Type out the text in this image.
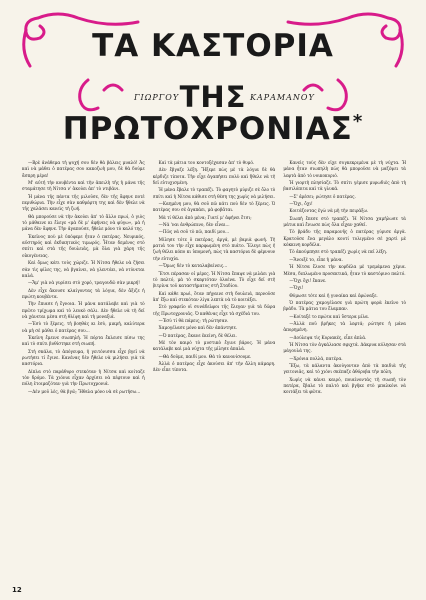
ΤΑ ΚΑΣΤΟΡΙΑ
ΓΙΩΡΓΟΥ ΤΗΣ ΚΑΡΑΜΑΝΟΥ
ΠΡΩΤΟΧΡΟΝΙΑΣ*

—Βρὲ ἀνάθεμα τὴ ψυχή σου δὲν θὰ βάλεις μυαλό! Ἀς καὶ νὰ μάθει ὁ πατέρας σου κακοζωὴ μου, δὲ θὰ δούμε ἄσπρη μέρα!

Μ' αὐτή τὴν κουβέντα καὶ τὴν ἀπειλὴ τῆς ἡ μάνα τῆς σταμάτησε τὴ Νίτσα ν' ἀκούει ἀπ' τὸ ντιβάνι.

Ἡ μάνα τῆς πάντα τῆς μιλοῦσε, δὲν τῆς ἄφηνε ποτὲ περιθώρια. Τὴν εἶχε σὰν καθρέφτη της καὶ δὲν ἤθελε νὰ τῆς χαλάσει κανεὶς τὴ ζωή.

Θὰ μπορούσε νὰ τὴν ἀκούει ἀπ' τὸ ἄλλο πρωί, ὁ γιὸς τὸ μάθαινε κι ἔλεγε «μὰ δὲ μ' ἀφήνεις νὰ φύγω», μὰ ἡ μάνα δὲν ἄφηνε. Τὴν ἀγαπούσε, ἤθελε μόνο τὸ καλό της.

Ἐκεῖνος ποὺ μὲ ὑπόφερε ἦταν ὁ πατέρας. Νευρικός, αὐστηρός καὶ ἐκδικητικὸς τιμωρός. Ἦταν δεμένος στὸ σπίτι καὶ στὰ τῆς δουλειᾶς, μὰ ὅλα γιὰ χάρη τῆς οἰκογένειας.

Καὶ ὅμως κάτι τοὺς χώριζε. Ἡ Νίτσα ἤθελε νὰ ζήσει σὰν τὶς φίλες της, νὰ βγαίνει, νὰ γλεντάει, νὰ ντύνεται καλά.

—Ἄμ' γιὰ νὰ γυρίσει στὸ χορό, τραγουδῶ σὰν μικρή!

Δὲν εἶχε ἄκουσε κλαίγοντας τὰ λόγια, δὲν ἄξιζε ἡ πρώτη κουβέντα.

Τὴν ἔπιασε ἡ ἔγνοια. Ἡ μάνα κατάλαβε καὶ γιὰ τὸ πρῶτο τρίχωμα καὶ τὸ λευκὸ σάλι. Δὲν ἤθελε νὰ τὴ δεῖ νὰ χάνεται μέσα στὴ θλίψη καὶ τὴ μοναξιά.

—Ἐσὺ τὸ ξέρεις, τὴ βοηθάς κι ἐσὺ, μικρή, καλύτερα νὰ μὴ σὲ μάθει ὁ πατέρας σου...

Ἐκεῖνη ἔμεινε σιωπηλὴ. Ἡ πόρτα ἔκλεισε πίσω της καὶ τὸ σπίτι βυθίστηκε στὴ σιωπή.

Στὴ σκάλα, τὸ ἀπόγευμα, ἡ γειτόνισσα εἶχε βγεῖ νὰ ρωτήσει τί ἔγινε. Κανένας δὲν ἤθελε νὰ μιλήσει γιὰ τὰ καστόρια.

Δίπλα στὸ παράθυρο στεκόταν ἡ Νίτσα καὶ κοίταζε τὸν δρόμο. Τὰ χιόνια εἶχαν ἀρχίσει νὰ πέφτουν καὶ ἡ πόλη ἑτοιμαζόταν γιὰ τὴν Πρωτοχρονιά.

—Δὲν μοῦ λὲς, θὰ βγῶ; Ἤθελα μόνο νὰ σὲ ρωτήσω...

Καὶ τὰ μάτια του κοντοξέχασαν ἀπ' τὸ θυμό.

Δὲν ἔβγαζε λέξη. Ἤξερε πὼς μὲ τὰ λόγια δὲ θὰ κέρδιζε τίποτα. Τὴν εἶχε ἀγαπήσει πολὺ καὶ ἤθελε νὰ τὴ δεῖ εὐτυχισμένη.

Ἡ μάνα ἔβαλε τὸ τραπέζι. Τὸ φαγητὸ μύριζε σὲ ὅλο τὸ σπίτι καὶ ἡ Νίτσα κάθισε στὴ θέση της χωρὶς νὰ μιλήσει.

—Καημένη μου, θὰ σοῦ πῶ κάτι ποὺ δὲν τὸ ξέρεις. Ὁ πατέρας σου σὲ ἀγαπάει, μὰ φοβᾶται.

Μὰ τί θέλει ἀπὸ μένα; Γιατί μ' ἀφήνει ἔτσι;

—Νά 'ναι ἀνθρώπινο, δὲν εἶναι...

—Πῶς νὰ σοῦ τὸ πῶ, παιδί μου...

Μίλησε τότε ὁ πατέρας, ἀργά, μὲ βαριὰ φωνή. Τὴ ματιά του τὴν εἶχε καρφωμένη στὸ πιάτο. Ἔλεγε πὼς ἡ ζωὴ θέλει κόπο κι ὑπομονή, πὼς τὰ καστόρια δὲ φέρνουν τὴν εὐτυχία.

—Ὅμως δὲν τὸ καταλαβαίνεις...

Ἔτσι πέρασαν οἱ μέρες. Ἡ Νίτσα ἔπαψε νὰ μιλάει γιὰ τὸ παλτό, μὰ τὸ σκεφτόταν ὁλοένα. Τὸ εἶχε δεῖ στὴ βιτρίνα τοῦ καταστήματος στὴ Σταδίου.

Καὶ κάθε πρωὶ, ὅταν πήγαινε στὴ δουλειά, περνοῦσε ἀπ' ἔξω καὶ στεκόταν λίγα λεπτὰ νὰ τὸ κοιτάξει.

Στὸ γραφεῖο οἱ συνάδελφοι τῆς ἔλεγαν γιὰ τὰ δῶρα τῆς Πρωτοχρονιᾶς. Ὁ καθένας εἶχε τὰ σχέδιά του.

—Ἐσὺ τί θὰ πάρεις; τὴ ρώτησαν.

Χαμογέλασε μόνο καὶ δὲν ἀπάντησε.

—Ὁ πατέρας, ἔκανε ἐκείνη, δὲ θέλει.

Μὲ τὸν καιρὸ τὸ μυστικὸ ἔγινε βάρος. Ἡ μάνα κατάλαβε καὶ μιὰ νύχτα τῆς μίλησε ἁπαλά.

—Θὰ δοῦμε, παιδί μου. Θὰ τὸ κανονίσουμε.

Ἀλλὰ ὁ πατέρας εἶχε ἀκούσει ἀπ' τὴν ἄλλη κάμαρη. Δὲν εἶπε τίποτα.

Κανεὶς τοὺς δὲν εἶχε συγκεκριμένα μὲ τὴ νύχτα. Ἡ μάνα ἦταν σιωπηλὴ πὼς θὰ μποροῦσε νὰ μαζέψει τὰ λεφτὰ ἀπὸ τὸ νοικοκυριό.

Ἡ γιορτὴ πλησίαζε. Τὸ σπίτι γέμισε μυρωδιὲς ἀπὸ τὴ βασιλόπιτα καὶ τὰ γλυκά.

—Σ' ἀρέσει; ρώτησε ὁ πατέρας.

—Ὄχι, ὄχι!

Κοιτάζοντας ἐγὼ νὰ μὴ τὴν πειράξω.

Σιωπὴ ἔπεσε στὸ τραπέζι. Ἡ Νίτσα χαμήλωσε τὰ μάτια καὶ ἔνιωσε πὼς ὅλα εἶχαν χαθεῖ.

Τὸ βράδυ τῆς παραμονῆς ὁ πατέρας γύρισε ἀργὰ. Κρατοῦσε ἕνα μεγάλο κουτί τυλιγμένο σὲ χαρτὶ μὲ κόκκινη κορδέλα.

Τὸ ἀκούμπησε στὸ τραπέζι χωρὶς νὰ πεῖ λέξη.

—Ἄνοιξέ το, εἶπε ἡ μάνα.

Ἡ Νίτσα ἔλυσε τὴν κορδέλα μὲ τρεμάμενα χέρια. Μέσα, διπλωμένο προσεκτικά, ἦταν τὸ καστόρινο παλτό.

—Ὄχι ὄχι! ἔκανε.

—Ὄχι!

Θύμωσε τότε καὶ ἡ γυναίκα καὶ ἐφώναξε.

Ὁ πατέρας χαμογέλασε γιὰ πρώτη φορὰ ἐκεῖνο τὸ βράδυ. Τὰ μάτια του ἔλαμπαν.

—Κοίταξέ το πρώτα καὶ ὕστερα μίλα.

—Ἀλλὰ ποῦ βρῆκες τὰ λεφτά; ρώτησε ἡ μάνα ἀπορημένη.

—Δούλεψα τὶς Κυριακές, εἶπε ἀπλά.

Ἡ Νίτσα τὸν ἀγκάλιασε σφιχτά. Δάκρυα κύλησαν στὰ μάγουλά της.

—Χρόνια πολλά, πατέρα.

Ἔξω, τὰ κάλαντα ἀκούγονταν ἀπὸ τὰ παιδιὰ τῆς γειτονιᾶς, καὶ τὸ χιόνι σκέπαζε ἀθόρυβα τὴν πόλη.

Χωρὶς νὰ κάνει καιρό, ποιαίνοντάς τὴ σιωπὴ τὸν πατέρα, ἔβαλε τὸ παλτὸ καὶ βγῆκε στὸ μπαλκόνι νὰ κοιτάξει τὰ φῶτα.

12
